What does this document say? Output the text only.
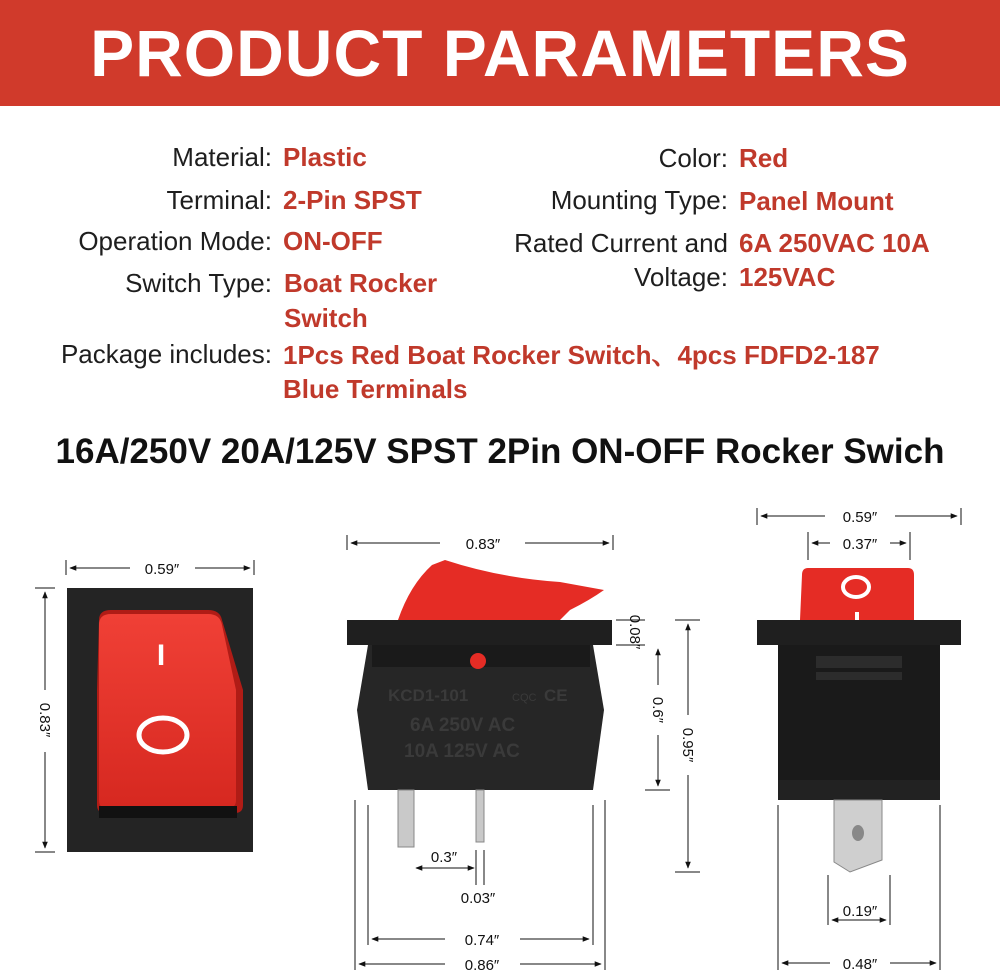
PRODUCT PARAMETERS
Material: Plastic
Terminal: 2-Pin SPST
Operation Mode: ON-OFF
Switch Type: Boat Rocker
Switch
Package includes: 1Pcs Red Boat Rocker Switch、4pcs FDFD2-187
Blue Terminals
Color: Red
Mounting Type: Panel Mount
Rated Current and 6A 250VAC 10A
Voltage: 125VAC
16A/250V 20A/125V SPST 2Pin ON-OFF Rocker Swich
I
0.59″
0.83″
KCD1-101	CQC CE
6A 250V AC
10A 125V AC
0.83″
0.08″
0.6″
0.95″
0.3″
0.03″
0.74″
0.86″
0.59″
0.37″
0.19″
0.48″
